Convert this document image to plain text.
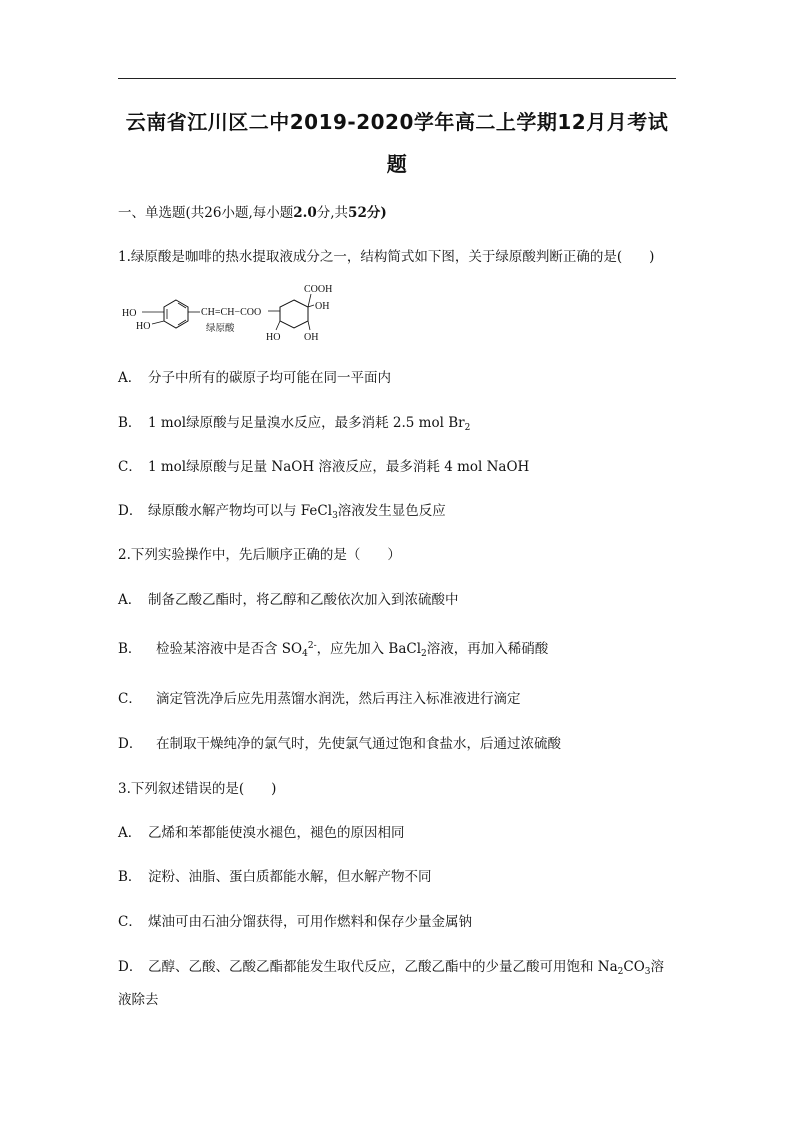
云南省江川区二中2019-2020学年高二上学期12月月考试
题
一、单选题(共26小题,每小题2.0分,共52分)
1.绿原酸是咖啡的热水提取液成分之一，结构简式如下图，关于绿原酸判断正确的是(　　)
HO
HO
CH=CH−COO
绿原酸
COOH
OH
HO OH
A． 分子中所有的碳原子均可能在同一平面内
B． 1 mol绿原酸与足量溴水反应，最多消耗 2.5 mol $Br_2$
C． 1 mol绿原酸与足量 NaOH 溶液反应，最多消耗 4 mol NaOH
D． 绿原酸水解产物均可以与 FeCl$_3$溶液发生显色反应
2.下列实验操作中，先后顺序正确的是（　　）
A． 制备乙酸乙酯时，将乙醇和乙酸依次加入到浓硫酸中
B． 检验某溶液中是否含 $SO_4^{2-}$，应先加入 BaCl$_2$溶液，再加入稀硝酸
C． 滴定管洗净后应先用蒸馏水润洗，然后再注入标准液进行滴定
D． 在制取干燥纯净的氯气时，先使氯气通过饱和食盐水，后通过浓硫酸
3.下列叙述错误的是(　　)
A． 乙烯和苯都能使溴水褪色，褪色的原因相同
B． 淀粉、油脂、蛋白质都能水解，但水解产物不同
C． 煤油可由石油分馏获得，可用作燃料和保存少量金属钠
D． 乙醇、乙酸、乙酸乙酯都能发生取代反应，乙酸乙酯中的少量乙酸可用饱和 $Na_2CO_3$溶
液除去
